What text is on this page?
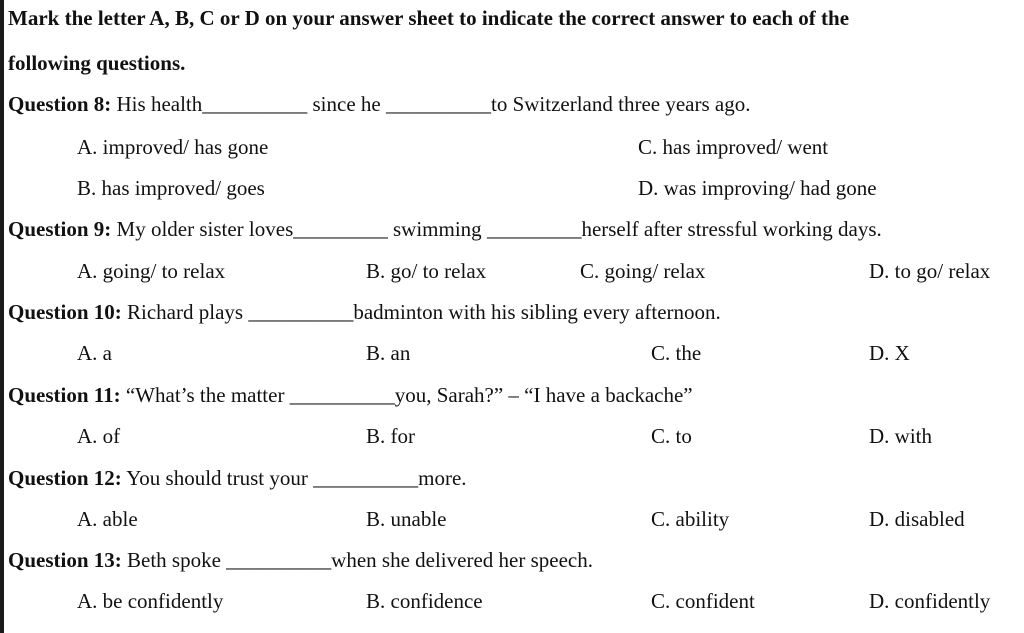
Mark the letter A, B, C or D on your answer sheet to indicate the correct answer to each of the
following questions.
Question 8: His health__________ since he __________to Switzerland three years ago.
A. improved/ has gone
B. has improved/ goes
C. has improved/ went
D. was improving/ had gone
Question 9: My older sister loves_________ swimming _________herself after stressful working days.
A. going/ to relax	B. go/ to relax	C. going/ relax	D. to go/ relax
Question 10: Richard plays __________badminton with his sibling every afternoon.
A. a	B. an	C. the	D. X
Question 11: “What’s the matter __________you, Sarah?” – “I have a backache”
A. of	B. for	C. to	D. with
Question 12: You should trust your __________more.
A. able	B. unable	C. ability	D. disabled
Question 13: Beth spoke __________when she delivered her speech.
A. be confidently	B. confidence	C. confident	D. confidently
